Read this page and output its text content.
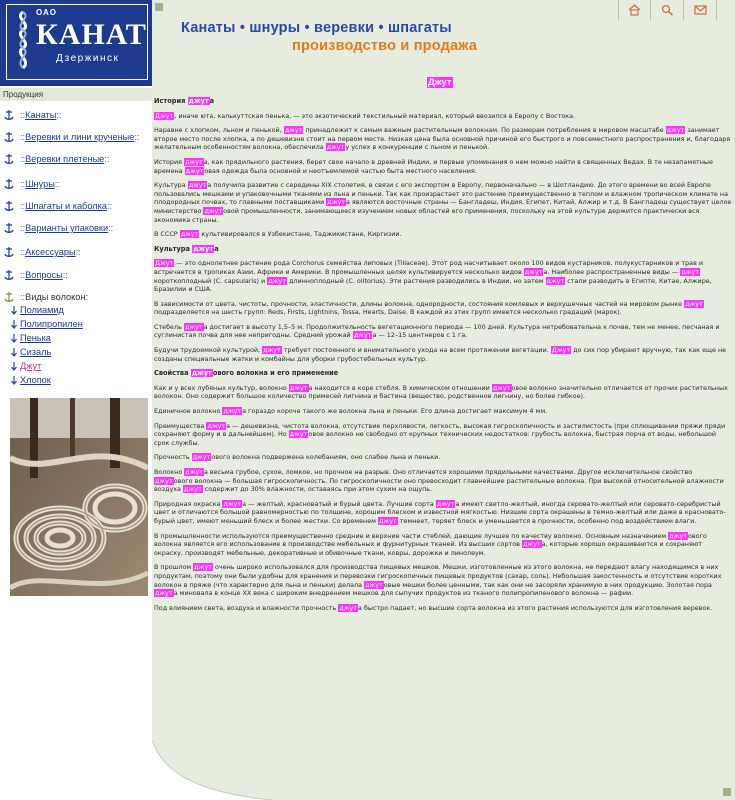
ОАО
КАНАТ
Дзержинск
Продукция
:: Канаты ::
:: Веревки и лини крученые ::
:: Веревки плетеные ::
:: Шнуры ::
:: Шпагаты и каболка ::
:: Варианты упаковки ::
:: Аксессуары ::
:: Вопросы ::
:: Виды волокон:
Полиамид
Полипропилен
Пенька
Сизаль
Джут
Хлопок
Канаты • шнуры • веревки • шпагаты
производство и продажа
Джут
История джута

Джут, иначе юта, калькуттская пенька, — это экзотический текстильный материал, который ввозился в Европу с Востока.

Наравне с хлопком, льном и пенькой, джут принадлежит к самым важным растительным волокнам. По размерам потребления в мировом масштабе джут занимает второе место после хлопка, а по дешевизне стоит на первом месте. Низкая цена была основной причиной его быстрого и повсеместного распространения и, благодаря желательным особенностям волокна, обеспечила джуту успех в конкуренции с льном и пенькой.

История джута, как прядильного растения, берет свое начало в древней Индии, и первые упоминания о нем можно найти в священных Ведах. В те незапамятные времена джутовая одежда была основной и неотъемлемой частью быта местного населения.

Культура джута получила развитие с середины XIX столетия, в связи с его экспортом в Европу, первоначально — в Шотландию. До этого времени во всей Европе пользовались мешками и упаковочными тканями из льна и пеньки. Так как произрастает это растение преимущественно в теплом и влажном тропическом климате на плодородных почвах, то главными поставщиками джута являются восточные страны — Бангладеш, Индия, Египет, Китай, Алжир и т.д. В Бангладеш существует целое министерство джутовой промышленности, занимающееся изучением новых областей его применения, поскольку на этой культуре держится практически вся экономика страны.

В СССР джут культивировался в Узбекистане, Таджикистане, Киргизии.

Культура джута

Джут — это однолетнее растение рода Corchorus семейства липовых (Tiliaceae). Этот род насчитывает около 100 видов кустарников, полукустарников и трав и встречается в тропиках Азии, Африки и Америки. В промышленных целях культивируется несколько видов джута. Наиболее распространенные виды — джут короткоплодный (C. capsularis) и джут длинноплодный (C. olitorius). Эти растения разводились в Индии, но затем джут стали разводить в Египте, Китае, Алжире, Бразилии и США.

В зависимости от цвета, чистоты, прочности, эластичности, длины волокна, однородности, состояния комлевых и верхушечных частей на мировом рынке джут подразделяется на шесть групп: Reds, Firsts, Lightnins, Tossa, Hearts, Daise. В каждой из этих групп имеется несколько градаций (марок).

Стебель джута достигает в высоту 1,5–5 м. Продолжительность вегетационного периода — 100 дней. Культура нетребовательна к почве, тем не менее, песчаная и суглинистая почва для нее непригодны. Средний урожай джута — 12–15 центнеров с 1 га.

Будучи трудоемкой культурой, джут требует постоянного и внимательного ухода на всем протяжении вегетации. Джут до сих пор убирают вручную, так как еще не созданы специальные жатки и комбайны для уборки грубостебельных культур.

Свойства джутового волокна и его применение

Как и у всех лубяных культур, волокно джута находится в коре стебля. В химическом отношении джутовое волокно значительно отличается от прочих растительных волокон. Оно содержит большое количество примесей лигнина и бастина (вещество, родственное лигнину, но более гибкое).

Единичное волокно джута гораздо короче такого же волокна льна и пеньки. Его длина достигает максимум 4 мм.

Преимущества джута — дешевизна, чистота волокна, отсутствие перхлявости, легкость, высокая гигроскопичность и застилистость (при сплющивании пряжи пряди сохраняют форму и в дальнейшем). Но джутовое волокно не свободно от крупных технических недостатков: грубость волокна, быстрая порча от воды, небольшой срок службы.

Прочность джутового волокна подвержена колебаниям, оно слабее льна и пеньки.

Волокно джута весьма грубое, сухое, ломкое, но прочное на разрыв. Оно отличается хорошими прядильными качествами. Другое исключительное свойство джутового волокна — большая гигроскопичность. По гигроскопичности оно превосходит главнейшие растительные волокна. При высокой относительной влажности воздуха джут содержит до 30% влажности, оставаясь при этом сухим на ощупь.

Природная окраска джута — желтый, красноватый и бурый цвета. Лучшие сорта джута имеют светло-желтый, иногда серовато-желтый или серовато-серебристый цвет и отличаются большой равномерностью по толщине, хорошим блеском и известной мягкостью. Низшие сорта окрашены в темно-желтый или даже в красновато-бурый цвет, имеют меньший блеск и более жестки. Со временем джут темнеет, теряет блеск и уменьшается в прочности, особенно под воздействием влаги.

В промышленности используются преимущественно средние и верхние части стеблей, дающие лучшее по качеству волокно. Основным назначением джутового волокна является его использование в производстве мебельных и фурнитурных тканей. Из высших сортов джута, которые хорошо окрашиваются и сохраняют окраску, производят мебельные, декоративные и обивочные ткани, ковры, дорожки и линолеум.

В прошлом джут очень широко использовался для производства пищевых мешков. Мешки, изготовленные из этого волокна, не передают влагу находящимся в них продуктам, поэтому они были удобны для хранения и перевозки гигроскопичных пищевых продуктов (сахар, соль). Небольшая закостенность и отсутствие коротких волокон в пряже (что характерно для льна и пеньки) делала джутовые мешки более ценными, так как они не засоряли хранимую в них продукцию. Золотая пора джута миновала в конце XX века с широким внедрением мешков для сыпучих продуктов из тканого полипропиленового волокна — рафии.

Под влиянием света, воздуха и влажности прочность джута быстро падает, но высшие сорта волокна из этого растения используются для изготовления веревок.
